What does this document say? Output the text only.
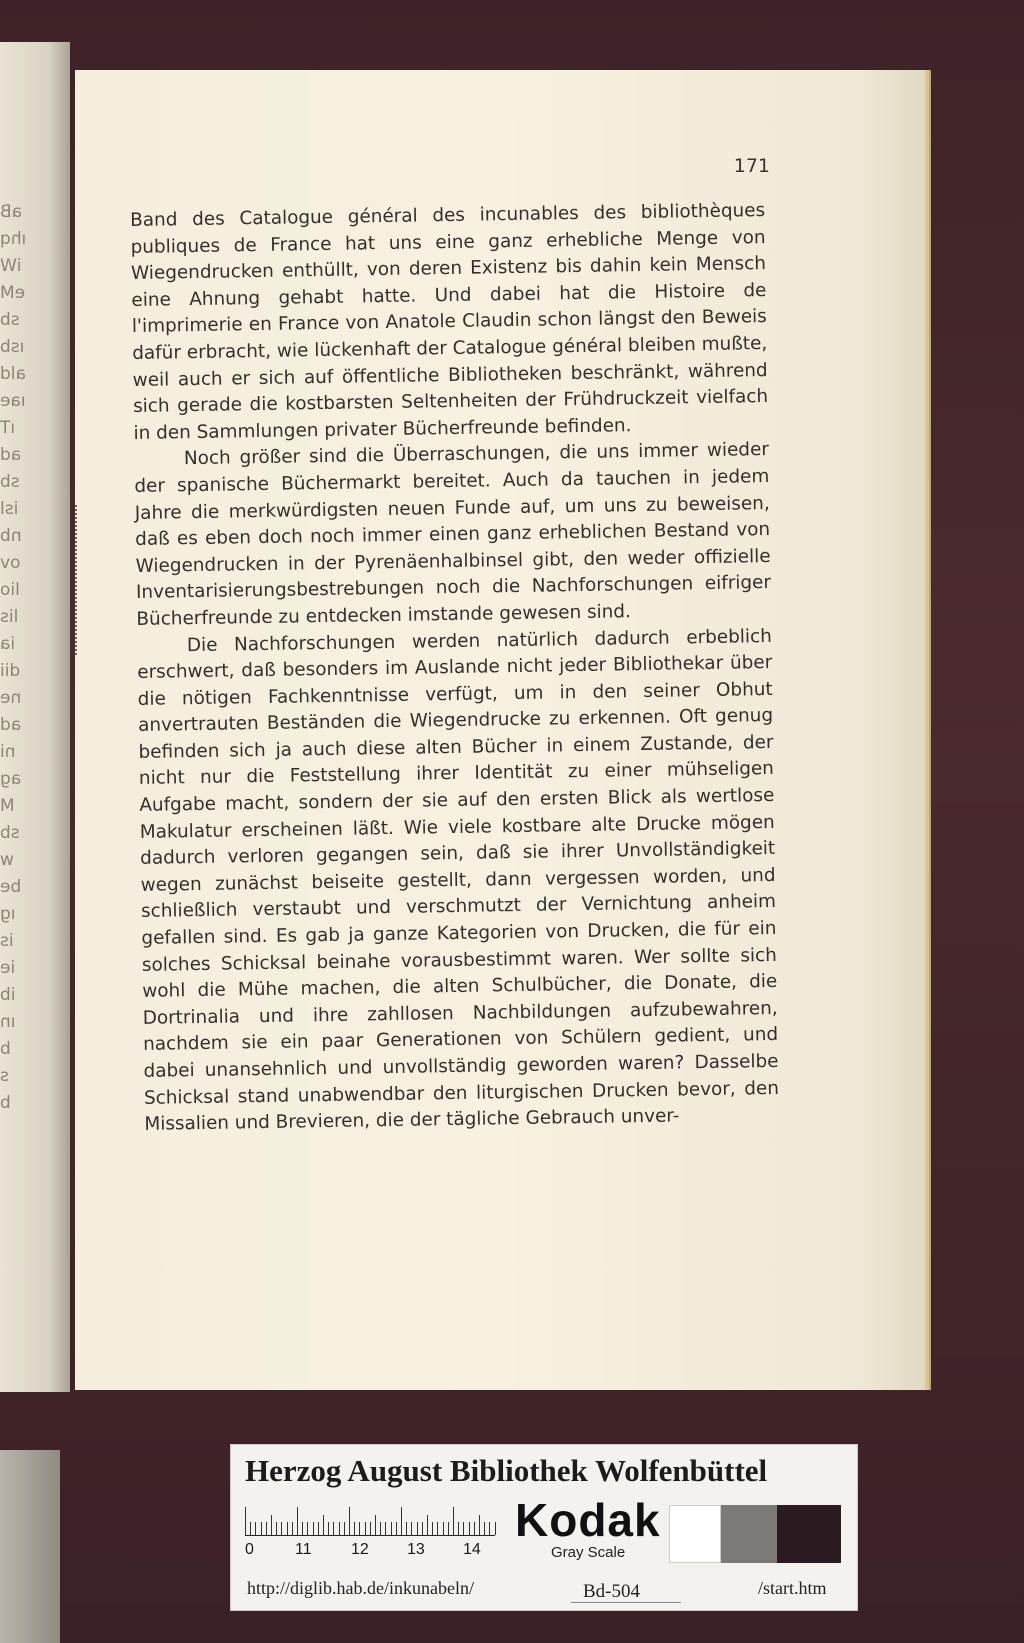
aB
ıhq
iW
eM
sb
ısb
ald
ıae
ıT
ad
sb
isl
nb
ov
lio
lis
ia
dii
ne
ad
ni
ag
M
sb
w
be
ıg
is
ie
ib
ın
b
s
b
171

Band des Catalogue général des incunables des bibliothèques publiques de France hat uns eine ganz erhebliche Menge von Wiegendrucken enthüllt, von deren Existenz bis dahin kein Mensch eine Ahnung gehabt hatte. Und dabei hat die Histoire de l'imprimerie en France von Anatole Claudin schon längst den Beweis dafür erbracht, wie lückenhaft der Catalogue général bleiben mußte, weil auch er sich auf öffentliche Bibliotheken beschränkt, während sich gerade die kostbarsten Seltenheiten der Frühdruckzeit vielfach in den Sammlungen privater Bücherfreunde befinden.

Noch größer sind die Überraschungen, die uns immer wieder der spanische Büchermarkt bereitet. Auch da tauchen in jedem Jahre die merkwürdigsten neuen Funde auf, um uns zu beweisen, daß es eben doch noch immer einen ganz erheblichen Bestand von Wiegendrucken in der Pyrenäenhalbinsel gibt, den weder offizielle Inventarisierungsbestrebungen noch die Nachforschungen eifriger Bücherfreunde zu entdecken imstande gewesen sind.

Die Nachforschungen werden natürlich dadurch erbeblich erschwert, daß besonders im Auslande nicht jeder Bibliothekar über die nötigen Fachkenntnisse verfügt, um in den seiner Obhut anvertrauten Beständen die Wiegendrucke zu erkennen. Oft genug befinden sich ja auch diese alten Bücher in einem Zustande, der nicht nur die Feststellung ihrer Identität zu einer mühseligen Aufgabe macht, sondern der sie auf den ersten Blick als wertlose Makulatur erscheinen läßt. Wie viele kostbare alte Drucke mögen dadurch verloren gegangen sein, daß sie ihrer Unvollständigkeit wegen zunächst beiseite gestellt, dann vergessen worden, und schließlich verstaubt und verschmutzt der Vernichtung anheim gefallen sind. Es gab ja ganze Kategorien von Drucken, die für ein solches Schicksal beinahe vorausbestimmt waren. Wer sollte sich wohl die Mühe machen, die alten Schulbücher, die Donate, die Dortrinalia und ihre zahllosen Nachbildungen aufzubewahren, nachdem sie ein paar Generationen von Schülern gedient, und dabei unansehnlich und unvollständig geworden waren? Dasselbe Schicksal stand unabwendbar den liturgischen Drucken bevor, den Missalien und Brevieren, die der tägliche Gebrauch unver-

Herzog August Bibliothek Wolfenbüttel
0	11 12 13 14
Kodak
Gray Scale
http://diglib.hab.de/inkunabeln/	Bd-504	/start.htm
